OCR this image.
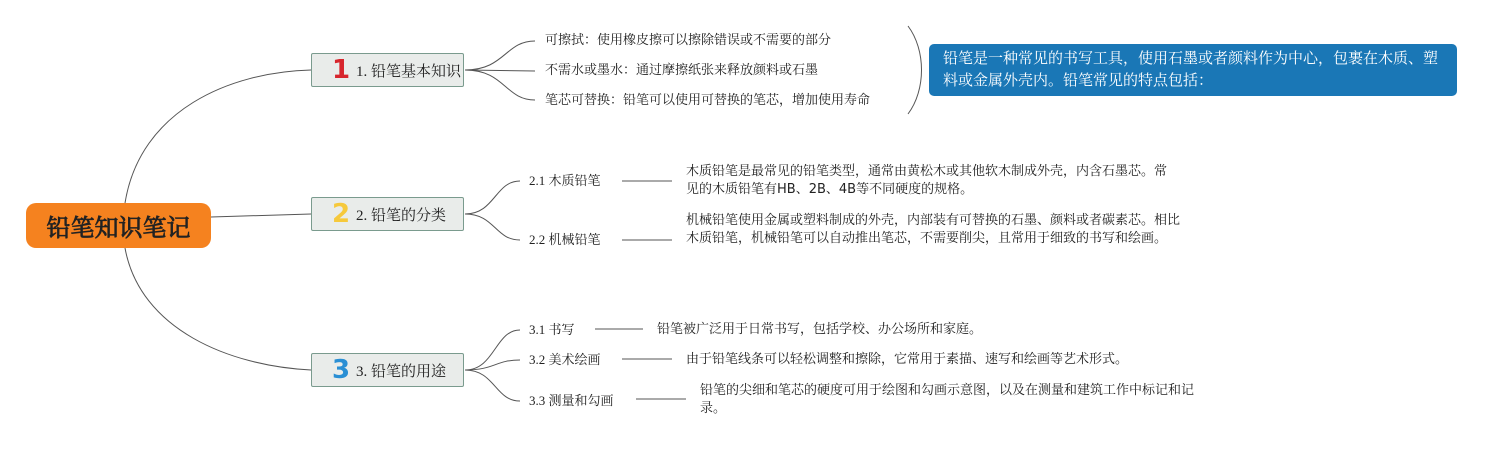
铅笔知识笔记
1 1. 铅笔基本知识
可擦拭：使用橡皮擦可以擦除错误或不需要的部分
不需水或墨水：通过摩擦纸张来释放颜料或石墨
笔芯可替换：铅笔可以使用可替换的笔芯，增加使用寿命
2 2. 铅笔的分类
2.1 木质铅笔
木质铅笔是最常见的铅笔类型，通常由黄松木或其他软木制成外壳，内含石墨芯。常见的木质铅笔有HB、2B、4B等不同硬度的规格。
2.2 机械铅笔
机械铅笔使用金属或塑料制成的外壳，内部装有可替换的石墨、颜料或者碳素芯。相比木质铅笔，机械铅笔可以自动推出笔芯，不需要削尖，且常用于细致的书写和绘画。
3 3. 铅笔的用途
3.1 书写	铅笔被广泛用于日常书写，包括学校、办公场所和家庭。
3.2 美术绘画	由于铅笔线条可以轻松调整和擦除，它常用于素描、速写和绘画等艺术形式。
3.3 测量和勾画
铅笔的尖细和笔芯的硬度可用于绘图和勾画示意图，以及在测量和建筑工作中标记和记录。
铅笔是一种常见的书写工具，使用石墨或者颜料作为中心，包裹在木质、塑料或金属外壳内。铅笔常见的特点包括：
